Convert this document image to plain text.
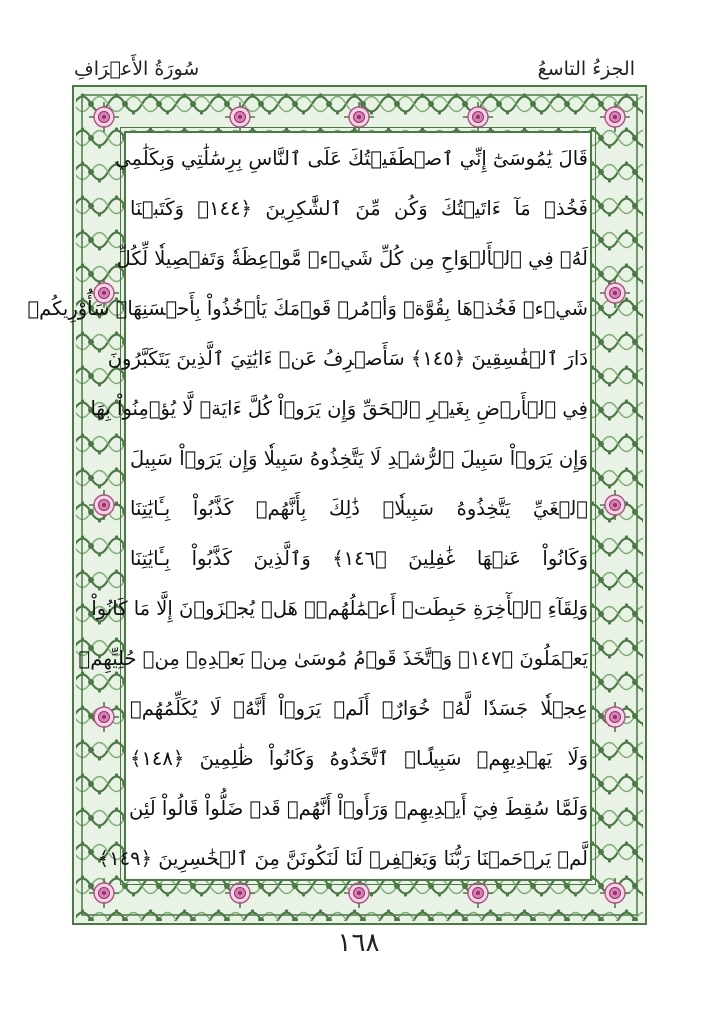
الجزءُ التاسعُ
سُورَةُ الأَعۡرَافِ
قَالَ يَٰمُوسَىٰٓ إِنِّي ٱصۡطَفَيۡتُكَ عَلَى ٱلنَّاسِ بِرِسَٰلَٰتِي وَبِكَلَٰمِي
فَخُذۡ مَآ ءَاتَيۡتُكَ وَكُن مِّنَ ٱلشَّٰكِرِينَ ﴿١٤٤﴾ وَكَتَبۡنَا
لَهُۥ فِي ٱلۡأَلۡوَاحِ مِن كُلِّ شَيۡءٖ مَّوۡعِظَةٗ وَتَفۡصِيلٗا لِّكُلِّ
شَيۡءٖ فَخُذۡهَا بِقُوَّةٖ وَأۡمُرۡ قَوۡمَكَ يَأۡخُذُواْ بِأَحۡسَنِهَاۚ سَأُوْرِيكُمۡ
دَارَ ٱلۡفَٰسِقِينَ ﴿١٤٥﴾ سَأَصۡرِفُ عَنۡ ءَايَٰتِيَ ٱلَّذِينَ يَتَكَبَّرُونَ
فِي ٱلۡأَرۡضِ بِغَيۡرِ ٱلۡحَقِّ وَإِن يَرَوۡاْ كُلَّ ءَايَةٖ لَّا يُؤۡمِنُواْ بِهَا
وَإِن يَرَوۡاْ سَبِيلَ ٱلرُّشۡدِ لَا يَتَّخِذُوهُ سَبِيلٗا وَإِن يَرَوۡاْ سَبِيلَ
ٱلۡغَيِّ يَتَّخِذُوهُ سَبِيلٗاۚ ذَٰلِكَ بِأَنَّهُمۡ كَذَّبُواْ بِـَٔايَٰتِنَا
وَكَانُواْ عَنۡهَا غَٰفِلِينَ ﴿١٤٦﴾ وَٱلَّذِينَ كَذَّبُواْ بِـَٔايَٰتِنَا
وَلِقَآءِ ٱلۡأٓخِرَةِ حَبِطَتۡ أَعۡمَٰلُهُمۡۚ هَلۡ يُجۡزَوۡنَ إِلَّا مَا كَانُواْ
يَعۡمَلُونَ ﴿١٤٧﴾ وَٱتَّخَذَ قَوۡمُ مُوسَىٰ مِنۢ بَعۡدِهِۦ مِنۡ حُلِيِّهِمۡ
عِجۡلٗا جَسَدٗا لَّهُۥ خُوَارٌۚ أَلَمۡ يَرَوۡاْ أَنَّهُۥ لَا يُكَلِّمُهُمۡ
وَلَا يَهۡدِيهِمۡ سَبِيلًاۘ ٱتَّخَذُوهُ وَكَانُواْ ظَٰلِمِينَ ﴿١٤٨﴾
وَلَمَّا سُقِطَ فِيٓ أَيۡدِيهِمۡ وَرَأَوۡاْ أَنَّهُمۡ قَدۡ ضَلُّواْ قَالُواْ لَئِن
لَّمۡ يَرۡحَمۡنَا رَبُّنَا وَيَغۡفِرۡ لَنَا لَنَكُونَنَّ مِنَ ٱلۡخَٰسِرِينَ ﴿١٤٩﴾
١٦٨
